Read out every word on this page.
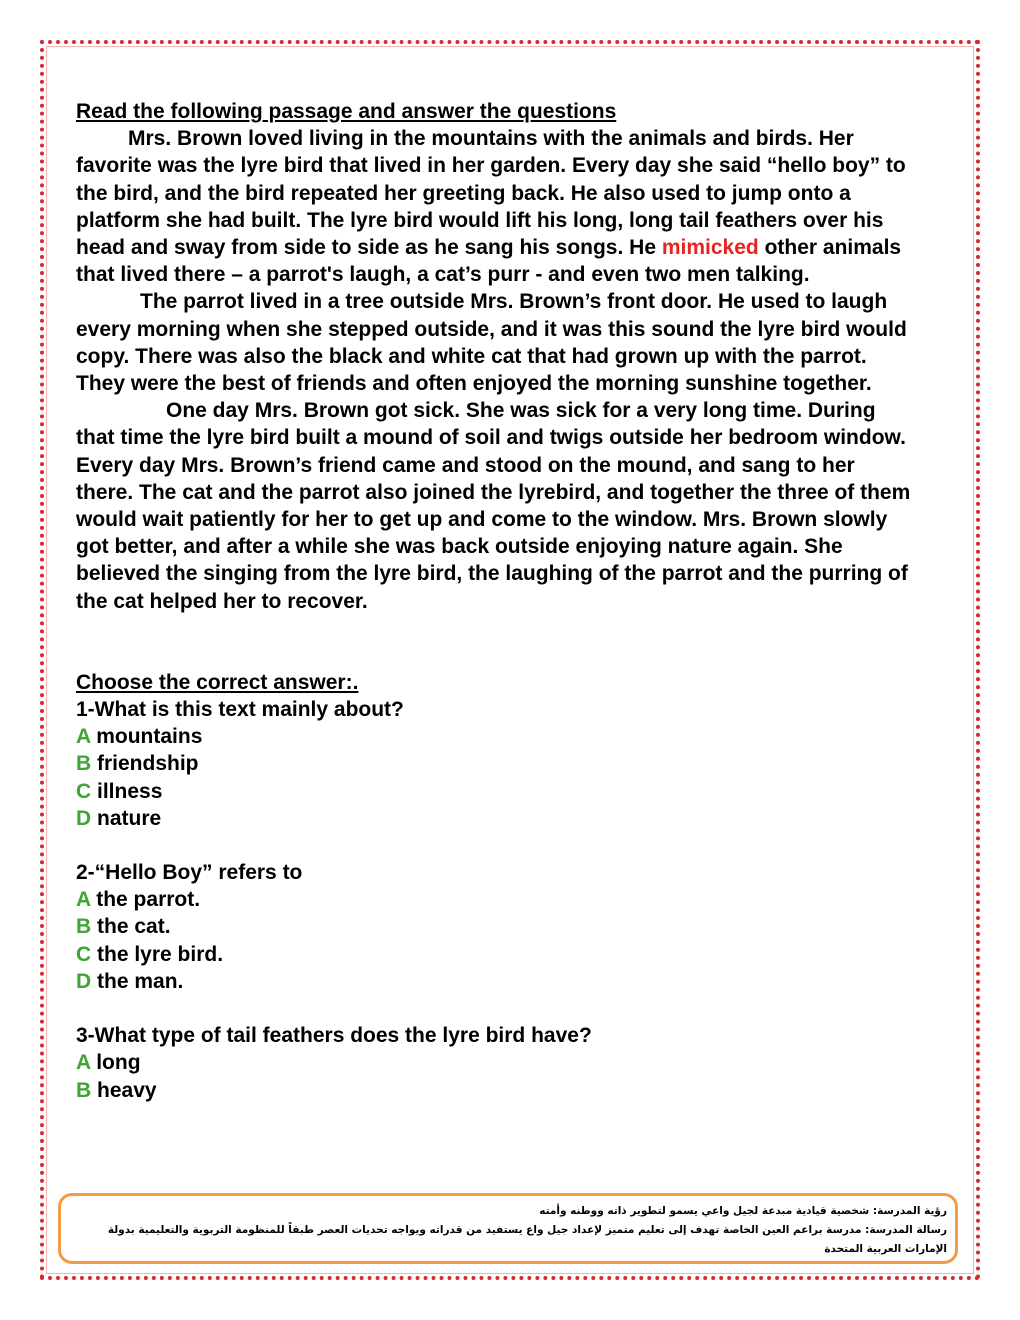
Read the following passage and answer the questions

Mrs. Brown loved living in the mountains with the animals and birds. Her favorite was the lyre bird that lived in her garden. Every day she said “hello boy” to the bird, and the bird repeated her greeting back. He also used to jump onto a platform she had built. The lyre bird would lift his long, long tail feathers over his head and sway from side to side as he sang his songs. He mimicked other animals that lived there – a parrot's laugh, a cat’s purr - and even two men talking.

The parrot lived in a tree outside Mrs. Brown’s front door. He used to laugh every morning when she stepped outside, and it was this sound the lyre bird would copy. There was also the black and white cat that had grown up with the parrot. They were the best of friends and often enjoyed the morning sunshine together.

One day Mrs. Brown got sick. She was sick for a very long time. During that time the lyre bird built a mound of soil and twigs outside her bedroom window. Every day Mrs. Brown’s friend came and stood on the mound, and sang to her there. The cat and the parrot also joined the lyrebird, and together the three of them would wait patiently for her to get up and come to the window. Mrs. Brown slowly got better, and after a while she was back outside enjoying nature again. She believed the singing from the lyre bird, the laughing of the parrot and the purring of the cat helped her to recover.

Choose the correct answer:.

1-What is this text mainly about?

A mountains

B friendship

C illness

D nature

2-“Hello Boy” refers to

A the parrot.

B the cat.

C the lyre bird.

D the man.

3-What type of tail feathers does the lyre bird have?

A long

B heavy

رؤية المدرسة: شخصية قيادية مبدعة لجيل واعي يسمو لتطوير ذاته ووطنه وأمته
رسالة المدرسة: مدرسة براعم العين الخاصة تهدف إلى تعليم متميز لإعداد جيل واع يستفيد من قدراته ويواجه تحديات العصر طبقاً للمنظومة التربوية والتعليمية بدولة الإمارات العربية المتحدة
